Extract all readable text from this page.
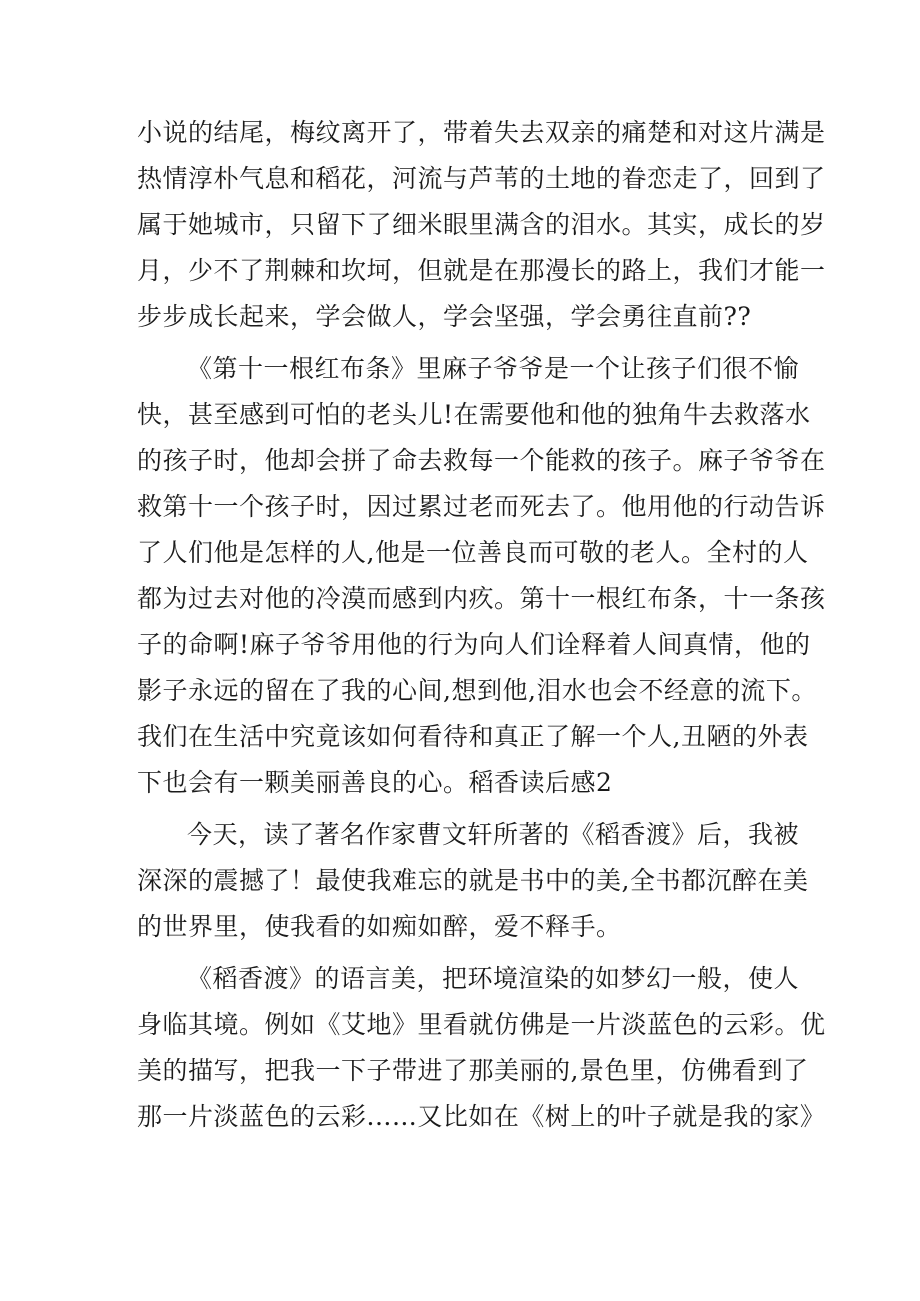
小说的结尾，梅纹离开了，带着失去双亲的痛楚和对这片满是
热情淳朴气息和稻花，河流与芦苇的土地的眷恋走了，回到了
属于她城市，只留下了细米眼里满含的泪水。其实，成长的岁
月，少不了荆棘和坎坷，但就是在那漫长的路上，我们才能一
步步成长起来，学会做人，学会坚强，学会勇往直前??
《第十一根红布条》里麻子爷爷是一个让孩子们很不愉
快，甚至感到可怕的老头儿!在需要他和他的独角牛去救落水
的孩子时，他却会拼了命去救每一个能救的孩子。麻子爷爷在
救第十一个孩子时，因过累过老而死去了。他用他的行动告诉
了人们他是怎样的人,他是一位善良而可敬的老人。全村的人
都为过去对他的冷漠而感到内疚。第十一根红布条，十一条孩
子的命啊!麻子爷爷用他的行为向人们诠释着人间真情，他的
影子永远的留在了我的心间,想到他,泪水也会不经意的流下。
我们在生活中究竟该如何看待和真正了解一个人,丑陋的外表
下也会有一颗美丽善良的心。稻香读后感2
今天，读了著名作家曹文轩所著的《稻香渡》后，我被
深深的震撼了！最使我难忘的就是书中的美,全书都沉醉在美
的世界里，使我看的如痴如醉，爱不释手。
《稻香渡》的语言美，把环境渲染的如梦幻一般，使人
身临其境。例如《艾地》里看就仿佛是一片淡蓝色的云彩。优
美的描写，把我一下子带进了那美丽的,景色里，仿佛看到了
那一片淡蓝色的云彩...…又比如在《树上的叶子就是我的家》
